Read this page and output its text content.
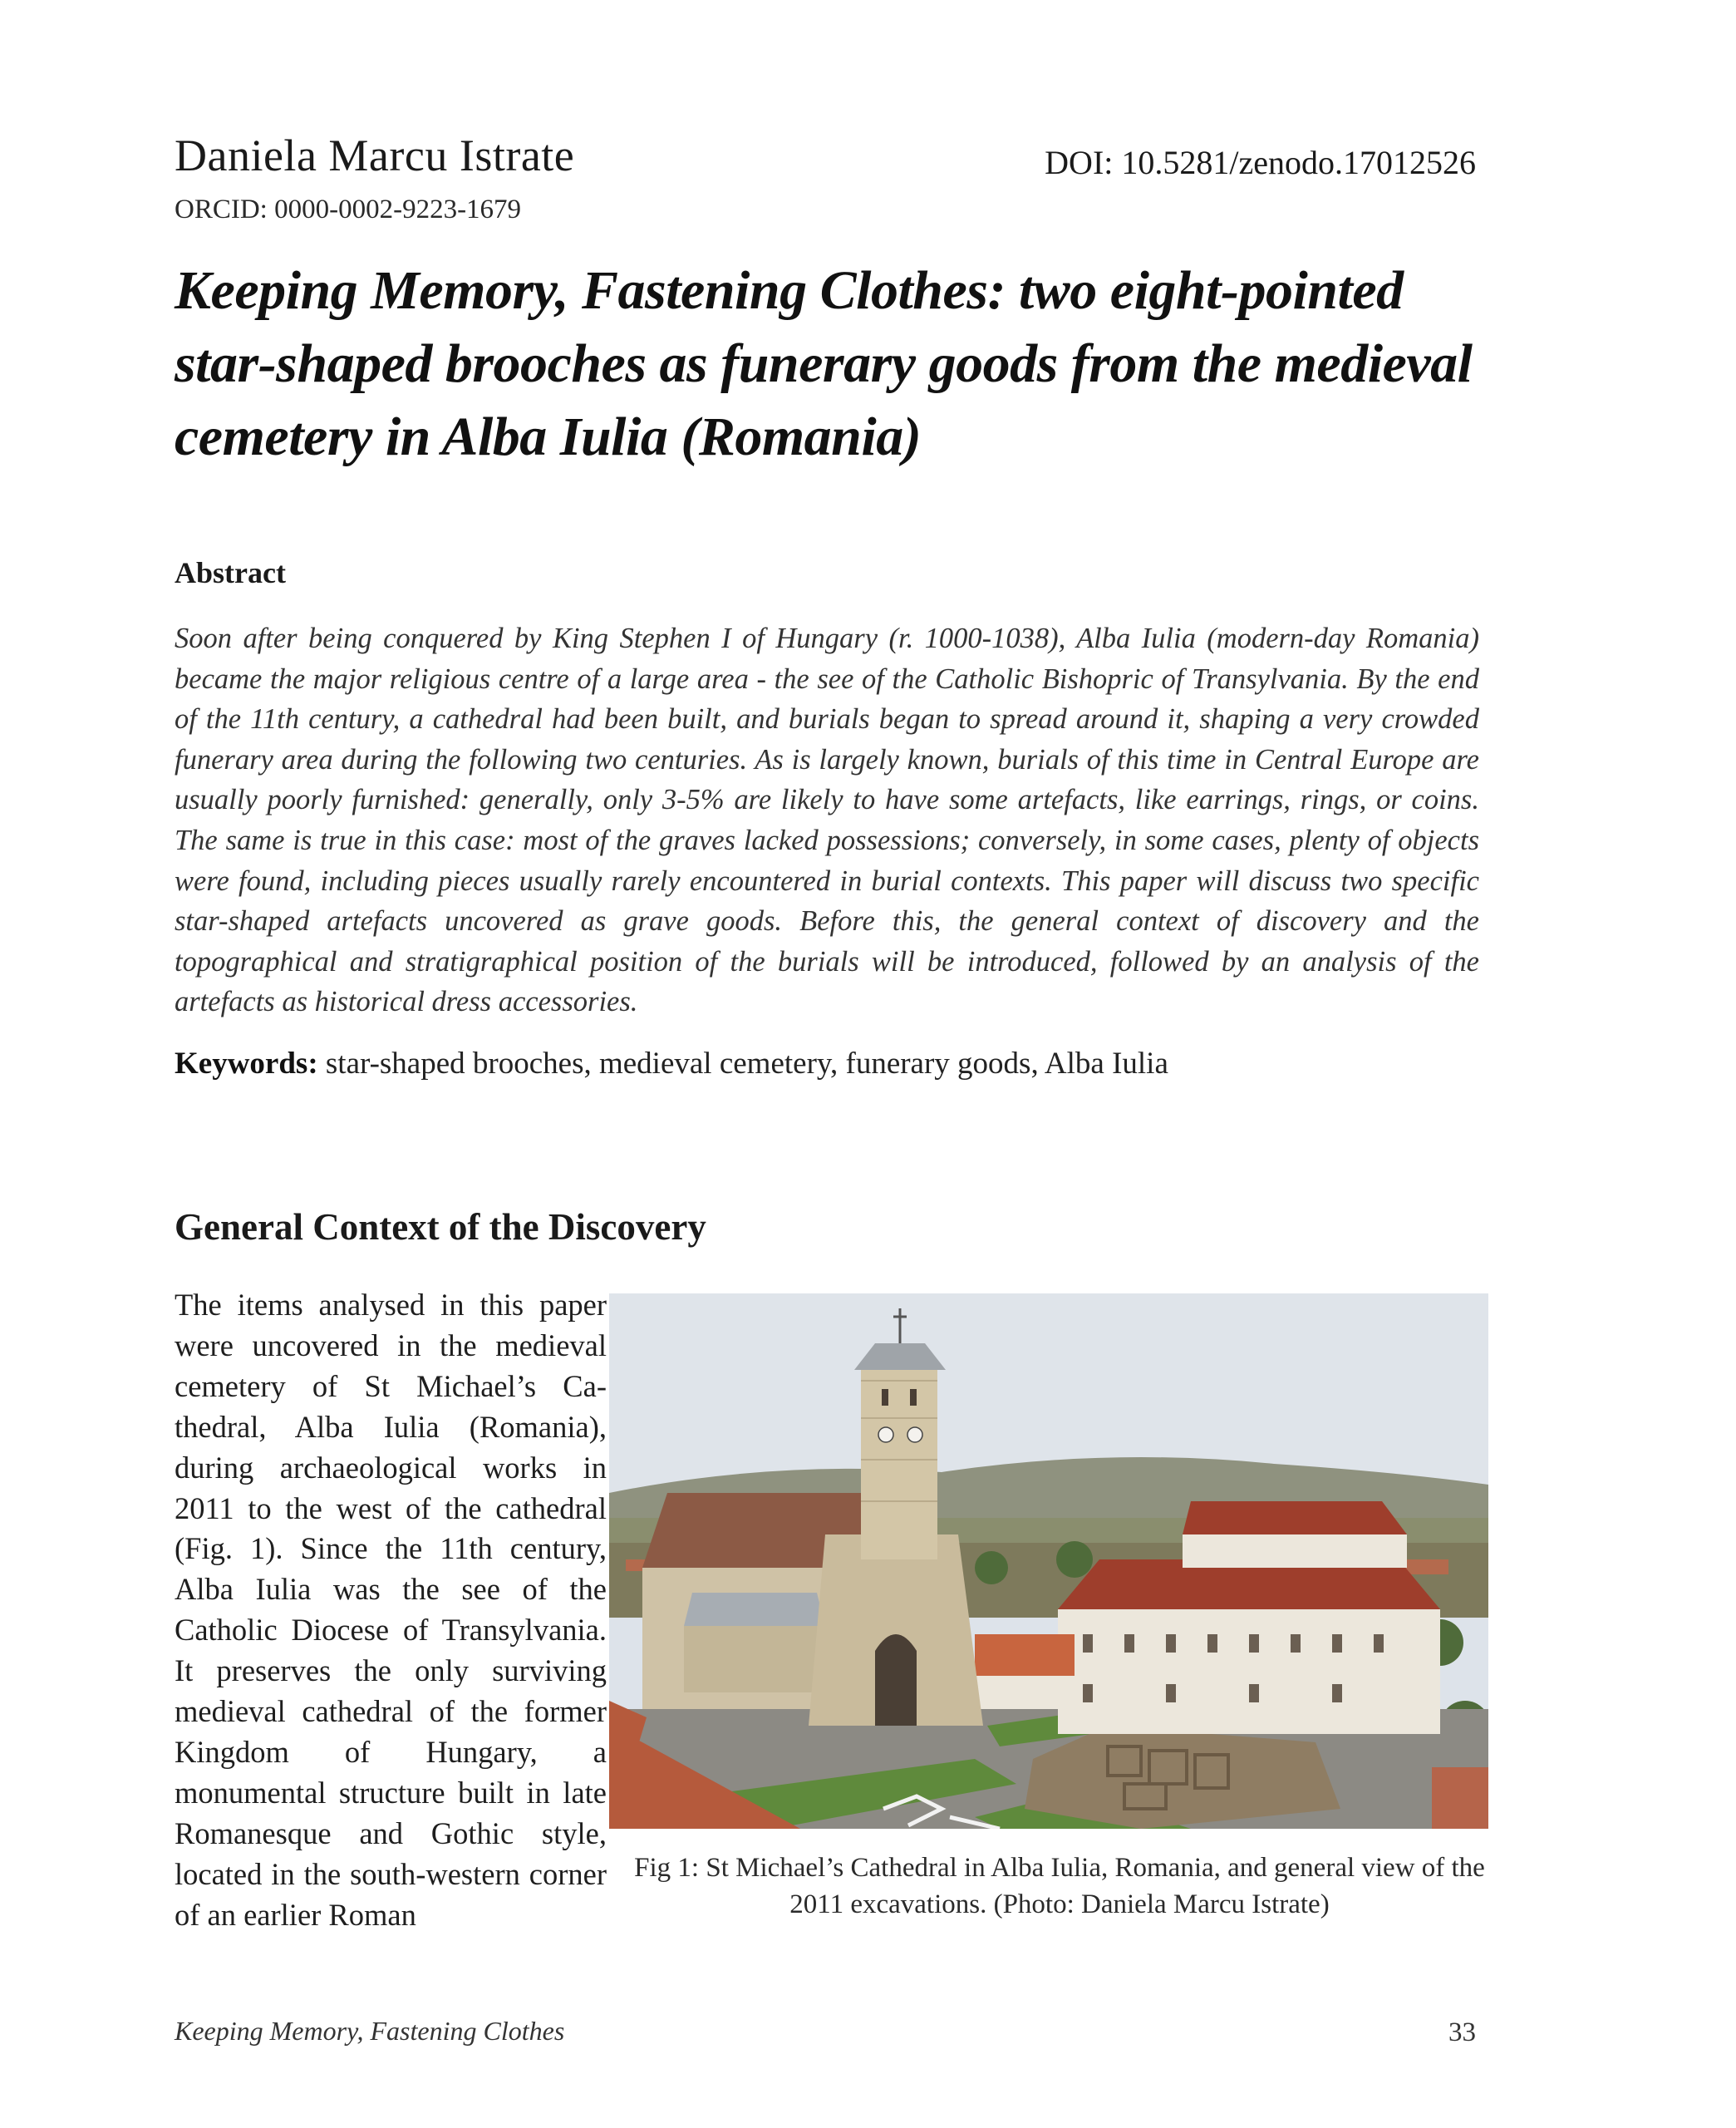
Daniela Marcu Istrate	DOI: 10.5281/zenodo.17012526
ORCID: 0000-0002-9223-1679
Keeping Memory, Fastening Clothes: two eight-pointed star-shaped brooches as funerary goods from the medieval cemetery in Alba Iulia (Romania)
Abstract

Soon after being conquered by King Stephen I of Hungary (r. 1000-1038), Alba Iulia (modern-day Romania) became the major religious centre of a large area - the see of the Catholic Bishopric of Transylvania. By the end of the 11th century, a cathedral had been built, and burials began to spread around it, shaping a very crowded funerary area during the following two centuries. As is largely known, burials of this time in Central Europe are usually poorly furnished: generally, only 3-5% are likely to have some artefacts, like earrings, rings, or coins. The same is true in this case: most of the graves lacked possessions; conversely, in some cases, plenty of objects were found, including pieces usually rarely encountered in burial contexts. This paper will discuss two specific star-shaped artefacts uncovered as grave goods. Before this, the general context of discovery and the topographical and stratigraphical position of the burials will be introduced, followed by an analysis of the artefacts as historical dress accessories.

Keywords: star-shaped brooches, medieval cemetery, funerary goods, Alba Iulia

General Context of the Discovery

The items analysed in this paper were uncovered in the medieval cemetery of St Michael’s Cathedral, Alba Iulia (Romania), during archaeological works in 2011 to the west of the cathedral (Fig. 1). Since the 11th century, Alba Iulia was the see of the Catholic Diocese of Transylvania. It preserves the only surviving medieval cathedral of the former Kingdom of Hungary, a monumental structure built in late Romanesque and Gothic style, located in the south-western corner of an earlier Roman

Fig 1: St Michael’s Cathedral in Alba Iulia, Romania, and general view of the 2011 excavations. (Photo: Daniela Marcu Istrate)

Keeping Memory, Fastening Clothes	33
